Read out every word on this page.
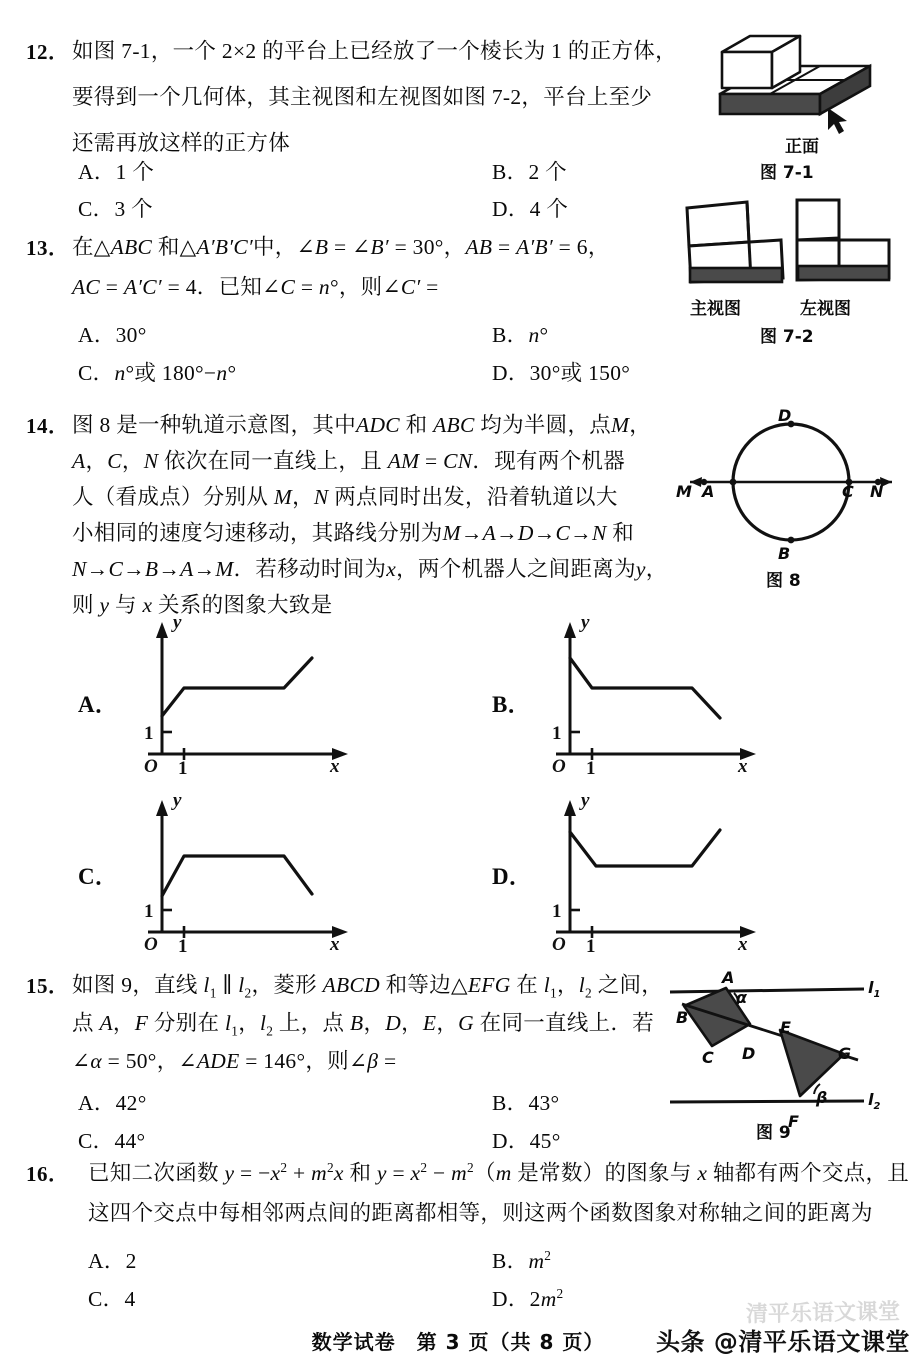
12． 如图 7-1，一个 2×2 的平台上已经放了一个棱长为 1 的正方体，
要得到一个几何体，其主视图和左视图如图 7-2，平台上至少
还需再放这样的正方体
A．1 个	B．2 个
C．3 个	D．4 个
正面
图 7-1
主视图	左视图
图 7-2
13． 在△ABC 和△A′B′C′中，∠B = ∠B′ = 30°，AB = A′B′ = 6，
AC = A′C′ = 4．已知∠C = n°，则∠C′ =
A．30°	B．n°
C．n°或 180°−n°	D．30°或 150°
14． 图 8 是一种轨道示意图，其中ADC 和 ABC 均为半圆，点M，
A，C，N 依次在同一直线上，且 AM = CN．现有两个机器
人（看成点）分别从 M，N 两点同时出发，沿着轨道以大
小相同的速度匀速移动，其路线分别为M→A→D→C→N 和
N→C→B→A→M．若移动时间为x，两个机器人之间距离为y，
则 y 与 x 关系的图象大致是
D
M A	C N
B
图 8
A．
y
x
O 1
1
B．
y
x
O 1
1
C．
y
x
O 1
1
D．
y
x
O 1
1
15． 如图 9，直线 $l_1$ ∥ $l_2$，菱形 ABCD 和等边△EFG 在 $l_1$，$l_2$ 之间，
点 A，F 分别在 $l_1$，$l_2$ 上，点 B，D，E，G 在同一直线上．若
∠α = 50°，∠ADE = 146°，则∠β =
A．42°	B．43°
C．44°	D．45°
A
B
C D
E
F
G
α
β
$l_1$
$l_2$
图 9
16． 已知二次函数 $y = -x^2 + m^2x$ 和 $y = x^2 - m^2(m$ 是常数）的图象与 x 轴都有两个交点，且
这四个交点中每相邻两点间的距离都相等，则这两个函数图象对称轴之间的距离为
A．2	B．$m^2$
C．4	D．$2m^2$
数学试卷　第 3 页（共 8 页）
清平乐语文课堂
头条 @清平乐语文课堂
